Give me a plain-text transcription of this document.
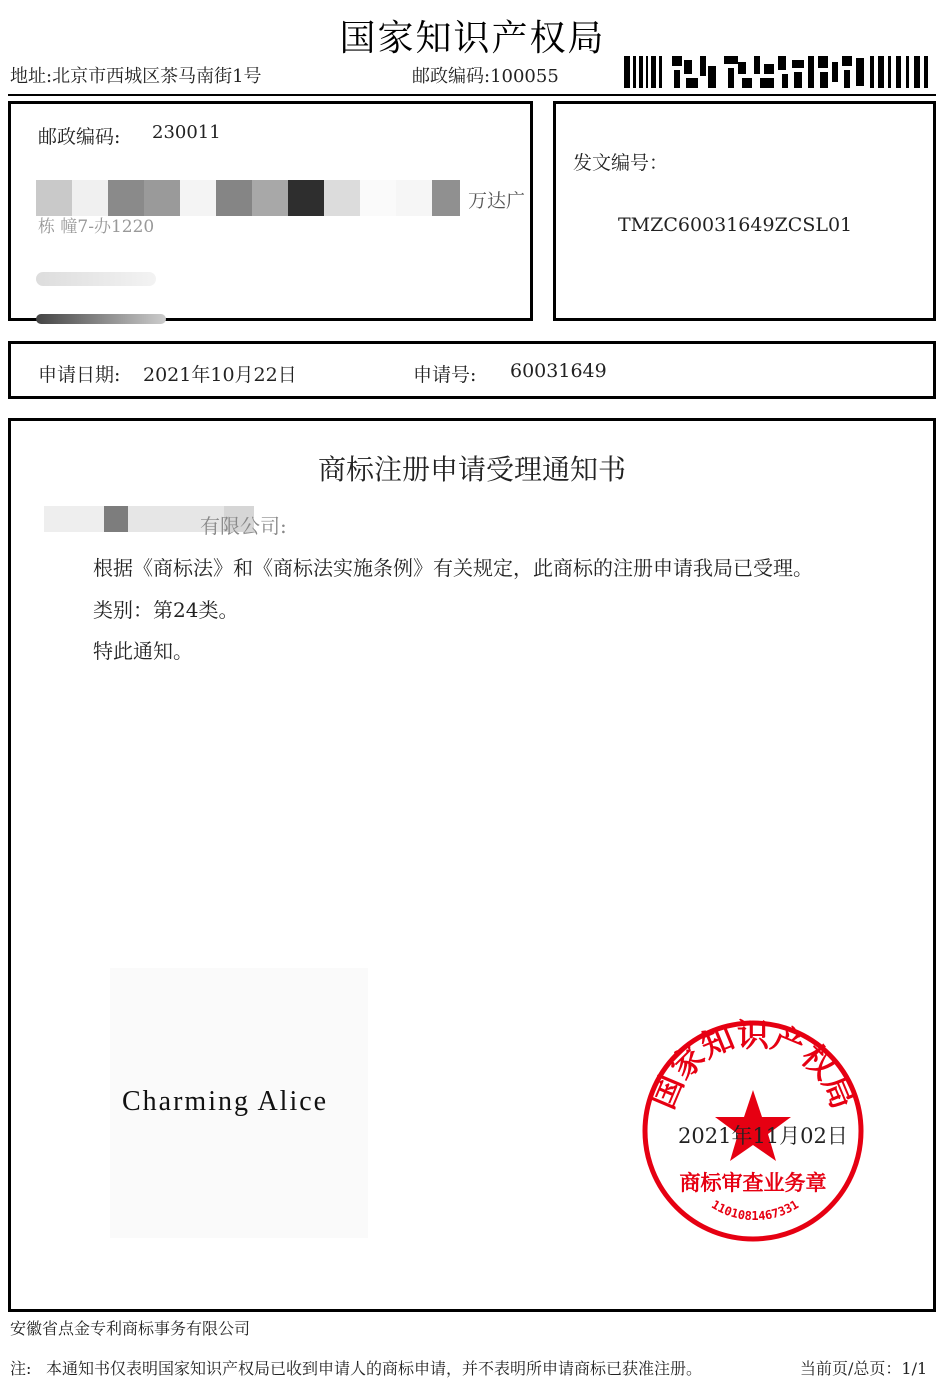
国家知识产权局
地址:北京市西城区茶马南街1号	邮政编码:100055
邮政编码: 230011
万达广
栋 幢7-办1220
发文编号：
TMZC60031649ZCSL01
申请日期: 2021年10月22日	申请号: 60031649
商标注册申请受理通知书
有限公司:
根据《商标法》和《商标法实施条例》有关规定，此商标的注册申请我局已受理。
类别：第24类。
特此通知。
Charming Alice	国家知识产权局
商标审查业务章
1101081467331
2021年11月02日
安徽省点金专利商标事务有限公司
注: 本通知书仅表明国家知识产权局已收到申请人的商标申请，并不表明所申请商标已获准注册。	当前页/总页：1/1
